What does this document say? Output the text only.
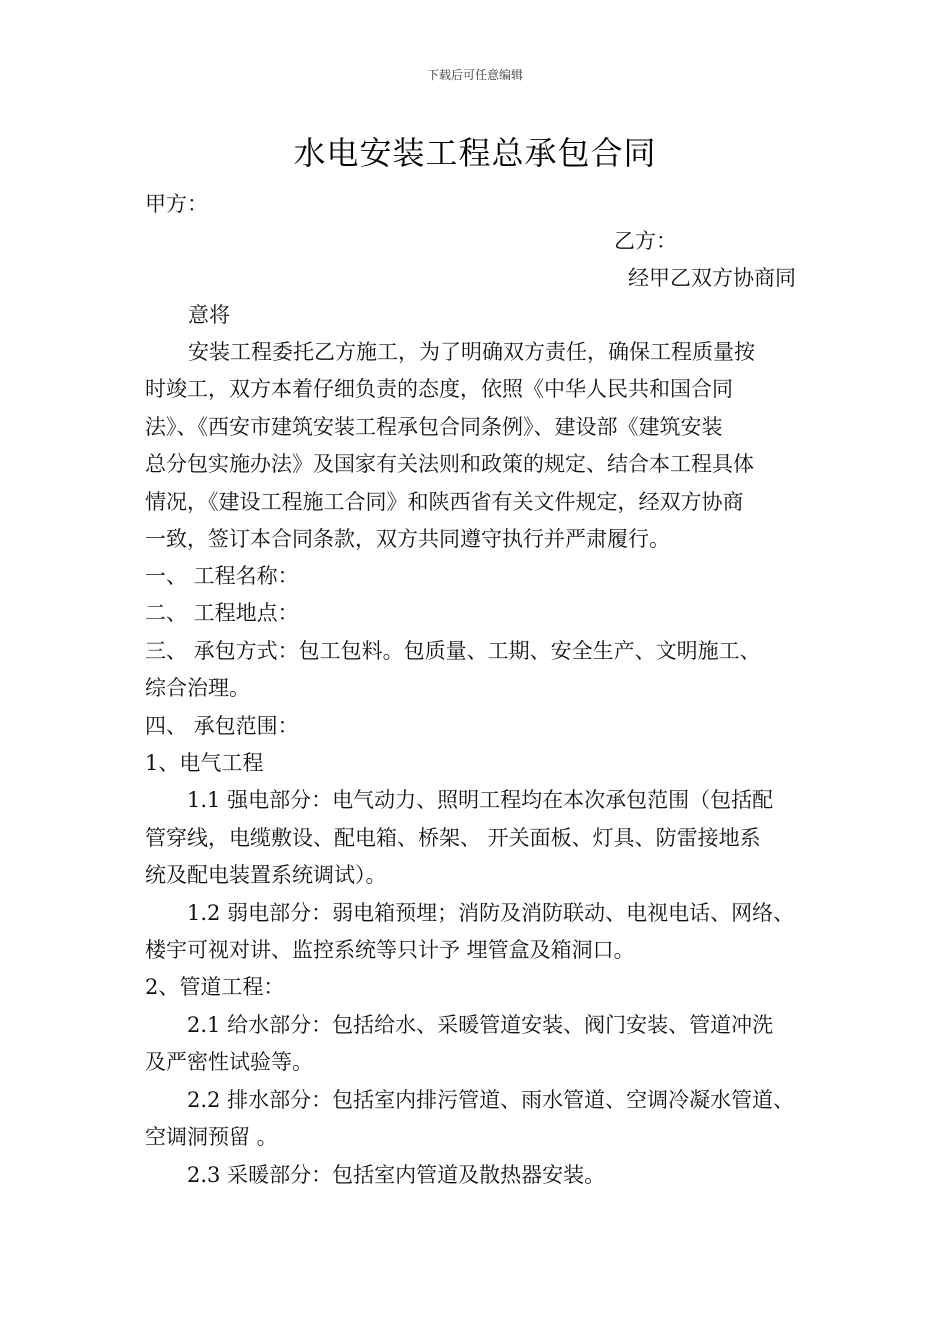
下载后可任意编辑
水电安装工程总承包合同
甲方：
乙方：
经甲乙双方协商同
意将
安装工程委托乙方施工，为了明确双方责任，确保工程质量按
时竣工，双方本着仔细负责的态度，依照《中华人民共和国合同
法》、《西安市建筑安装工程承包合同条例》、建设部《建筑安装
总分包实施办法》及国家有关法则和政策的规定、结合本工程具体
情况，《建设工程施工合同》和陕西省有关文件规定，经双方协商
一致，签订本合同条款，双方共同遵守执行并严肃履行。
一、 工程名称：
二、 工程地点：
三、 承包方式：包工包料。包质量、工期、安全生产、文明施工、
综合治理。
四、 承包范围：
1、电气工程
　　1.1 强电部分：电气动力、照明工程均在本次承包范围（包括配
管穿线，电缆敷设、配电箱、桥架、 开关面板、灯具、防雷接地系
统及配电装置系统调试）。
　　1.2 弱电部分：弱电箱预埋；消防及消防联动、电视电话、网络、
楼宇可视对讲、监控系统等只计予 埋管盒及箱洞口。
2、管道工程：
　　2.1 给水部分：包括给水、采暖管道安装、阀门安装、管道冲洗
及严密性试验等。
　　2.2 排水部分：包括室内排污管道、雨水管道、空调冷凝水管道、
空调洞预留 。
　　2.3 采暖部分：包括室内管道及散热器安装。
